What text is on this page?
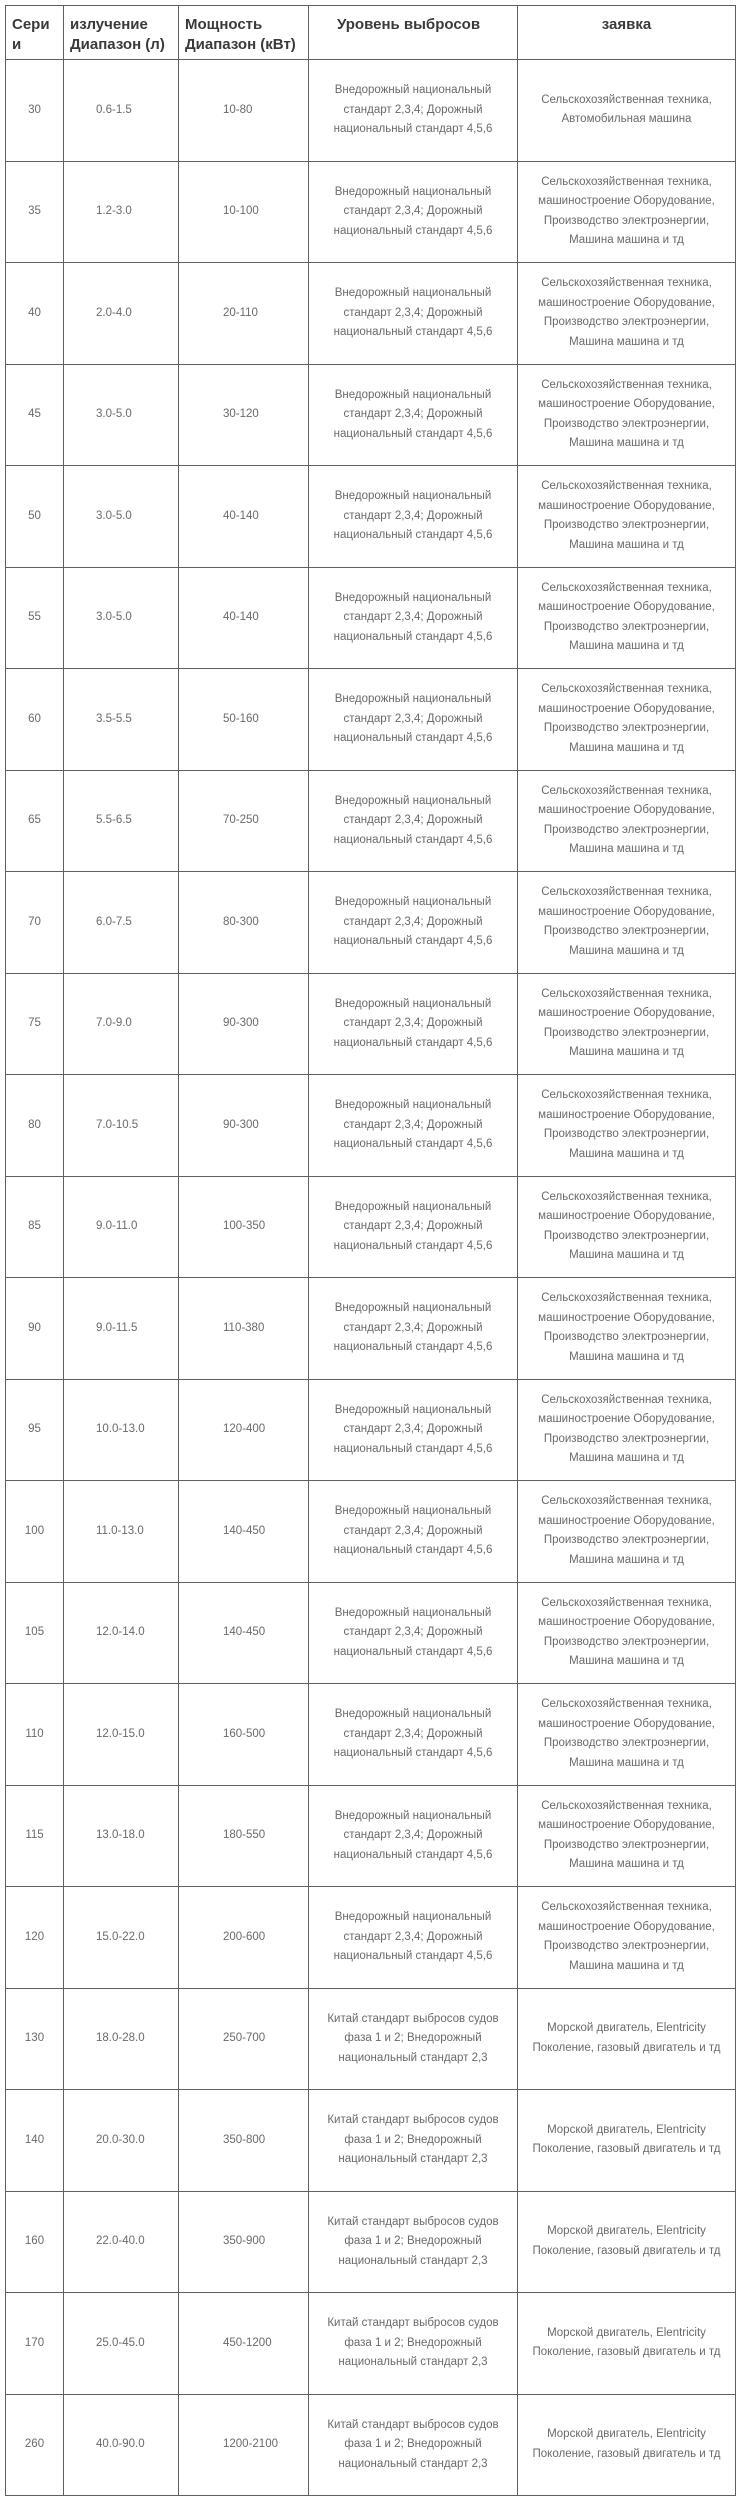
Серии	излучение Диапазон (л)	Мощность Диапазон (кВт)	Уровень выбросов	заявка
30	0.6-1.5	10-80	Внедорожный национальный стандарт 2,3,4; Дорожный национальный стандарт 4,5,6	Сельскохозяйственная техника, Автомобильная машина
35	1.2-3.0	10-100	Внедорожный национальный стандарт 2,3,4; Дорожный национальный стандарт 4,5,6	Сельскохозяйственная техника, машиностроение Оборудование, Производство электроэнергии, Машина машина и тд
40	2.0-4.0	20-110	Внедорожный национальный стандарт 2,3,4; Дорожный национальный стандарт 4,5,6	Сельскохозяйственная техника, машиностроение Оборудование, Производство электроэнергии, Машина машина и тд
45	3.0-5.0	30-120	Внедорожный национальный стандарт 2,3,4; Дорожный национальный стандарт 4,5,6	Сельскохозяйственная техника, машиностроение Оборудование, Производство электроэнергии, Машина машина и тд
50	3.0-5.0	40-140	Внедорожный национальный стандарт 2,3,4; Дорожный национальный стандарт 4,5,6	Сельскохозяйственная техника, машиностроение Оборудование, Производство электроэнергии, Машина машина и тд
55	3.0-5.0	40-140	Внедорожный национальный стандарт 2,3,4; Дорожный национальный стандарт 4,5,6	Сельскохозяйственная техника, машиностроение Оборудование, Производство электроэнергии, Машина машина и тд
60	3.5-5.5	50-160	Внедорожный национальный стандарт 2,3,4; Дорожный национальный стандарт 4,5,6	Сельскохозяйственная техника, машиностроение Оборудование, Производство электроэнергии, Машина машина и тд
65	5.5-6.5	70-250	Внедорожный национальный стандарт 2,3,4; Дорожный национальный стандарт 4,5,6	Сельскохозяйственная техника, машиностроение Оборудование, Производство электроэнергии, Машина машина и тд
70	6.0-7.5	80-300	Внедорожный национальный стандарт 2,3,4; Дорожный национальный стандарт 4,5,6	Сельскохозяйственная техника, машиностроение Оборудование, Производство электроэнергии, Машина машина и тд
75	7.0-9.0	90-300	Внедорожный национальный стандарт 2,3,4; Дорожный национальный стандарт 4,5,6	Сельскохозяйственная техника, машиностроение Оборудование, Производство электроэнергии, Машина машина и тд
80	7.0-10.5	90-300	Внедорожный национальный стандарт 2,3,4; Дорожный национальный стандарт 4,5,6	Сельскохозяйственная техника, машиностроение Оборудование, Производство электроэнергии, Машина машина и тд
85	9.0-11.0	100-350	Внедорожный национальный стандарт 2,3,4; Дорожный национальный стандарт 4,5,6	Сельскохозяйственная техника, машиностроение Оборудование, Производство электроэнергии, Машина машина и тд
90	9.0-11.5	110-380	Внедорожный национальный стандарт 2,3,4; Дорожный национальный стандарт 4,5,6	Сельскохозяйственная техника, машиностроение Оборудование, Производство электроэнергии, Машина машина и тд
95	10.0-13.0	120-400	Внедорожный национальный стандарт 2,3,4; Дорожный национальный стандарт 4,5,6	Сельскохозяйственная техника, машиностроение Оборудование, Производство электроэнергии, Машина машина и тд
100	11.0-13.0	140-450	Внедорожный национальный стандарт 2,3,4; Дорожный национальный стандарт 4,5,6	Сельскохозяйственная техника, машиностроение Оборудование, Производство электроэнергии, Машина машина и тд
105	12.0-14.0	140-450	Внедорожный национальный стандарт 2,3,4; Дорожный национальный стандарт 4,5,6	Сельскохозяйственная техника, машиностроение Оборудование, Производство электроэнергии, Машина машина и тд
110	12.0-15.0	160-500	Внедорожный национальный стандарт 2,3,4; Дорожный национальный стандарт 4,5,6	Сельскохозяйственная техника, машиностроение Оборудование, Производство электроэнергии, Машина машина и тд
115	13.0-18.0	180-550	Внедорожный национальный стандарт 2,3,4; Дорожный национальный стандарт 4,5,6	Сельскохозяйственная техника, машиностроение Оборудование, Производство электроэнергии, Машина машина и тд
120	15.0-22.0	200-600	Внедорожный национальный стандарт 2,3,4; Дорожный национальный стандарт 4,5,6	Сельскохозяйственная техника, машиностроение Оборудование, Производство электроэнергии, Машина машина и тд
130	18.0-28.0	250-700	Китай стандарт выбросов судов фаза 1 и 2; Внедорожный национальный стандарт 2,3	Морской двигатель, Elentricity Поколение, газовый двигатель и тд
140	20.0-30.0	350-800	Китай стандарт выбросов судов фаза 1 и 2; Внедорожный национальный стандарт 2,3	Морской двигатель, Elentricity Поколение, газовый двигатель и тд
160	22.0-40.0	350-900	Китай стандарт выбросов судов фаза 1 и 2; Внедорожный национальный стандарт 2,3	Морской двигатель, Elentricity Поколение, газовый двигатель и тд
170	25.0-45.0	450-1200	Китай стандарт выбросов судов фаза 1 и 2; Внедорожный национальный стандарт 2,3	Морской двигатель, Elentricity Поколение, газовый двигатель и тд
260	40.0-90.0	1200-2100	Китай стандарт выбросов судов фаза 1 и 2; Внедорожный национальный стандарт 2,3	Морской двигатель, Elentricity Поколение, газовый двигатель и тд
